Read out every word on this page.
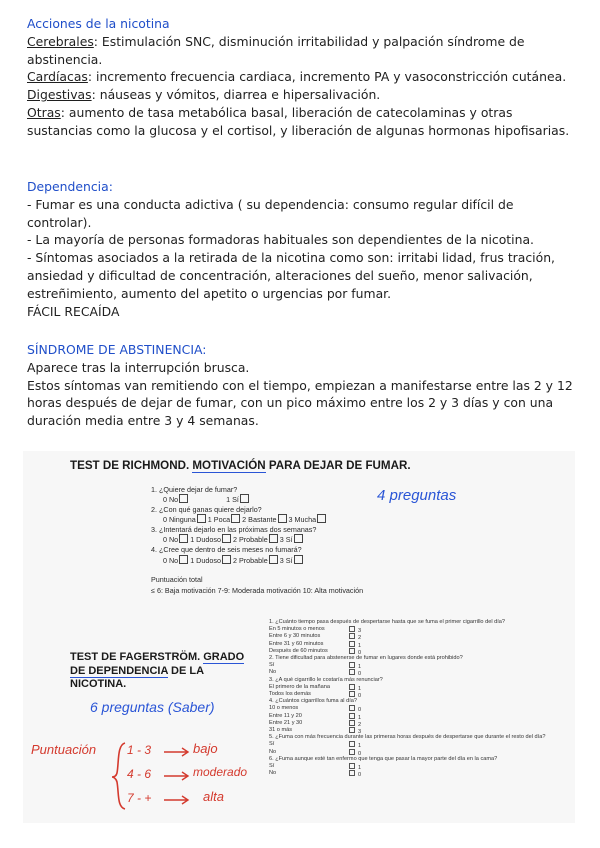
Acciones de la nicotina

Cerebrales: Estimulación SNC, disminución irritabilidad y palpación síndrome de abstinencia.

Cardíacas: incremento frecuencia cardiaca, incremento PA y vasoconstricción cutánea.

Digestivas: náuseas y vómitos, diarrea e hipersalivación.

Otras: aumento de tasa metabólica basal, liberación de catecolaminas y otras sustancias como la glucosa y el cortisol, y liberación de algunas hormonas hipofisarias.

Dependencia:

- Fumar es una conducta adictiva ( su dependencia: consumo regular difícil de controlar).

- La mayoría de personas formadoras habituales son dependientes de la nicotina.

- Síntomas asociados a la retirada de la nicotina como son: irritabi lidad, frus tración, ansiedad y dificultad de concentración, alteraciones del sueño, menor salivación, estreñimiento, aumento del apetito o urgencias por fumar.

FÁCIL RECAÍDA

SÍNDROME DE ABSTINENCIA:

Aparece tras la interrupción brusca.

Estos síntomas van remitiendo con el tiempo, empiezan a manifestarse entre las 2 y 12 horas después de dejar de fumar, con un pico máximo entre los 2 y 3 días y con una duración media entre 3 y 4 semanas.

TEST DE RICHMOND. MOTIVACIÓN PARA DEJAR DE FUMAR.
1. ¿Quiere dejar de fumar?
0 No	1 Sí
2. ¿Con qué ganas quiere dejarlo?
0 Ninguna 1 Poca 2 Bastante 3 Mucha
3. ¿Intentará dejarlo en las próximas dos semanas?
0 No 1 Dudoso 2 Probable 3 Sí
4. ¿Cree que dentro de seis meses no fumará?
0 No 1 Dudoso 2 Probable 3 Sí
Puntuación total
≤ 6: Baja motivación 7-9: Moderada motivación 10: Alta motivación
4 preguntas
TEST DE FAGERSTRÖM. GRADO DE DEPENDENCIA DE LA NICOTINA.
6 preguntas (Saber)
1. ¿Cuánto tiempo pasa después de despertarse hasta que se fuma el primer cigarrillo del día?
En 5 minutos o menos	3
Entre 6 y 30 minutos	2
Entre 31 y 60 minutos	1
Después de 60 minutos	0
2. Tiene dificultad para abstenerse de fumar en lugares donde está prohibido?
Sí	1
No	0
3. ¿A qué cigarrillo le costaría más renunciar?
El primero de la mañana	1
Todos los demás	0
4. ¿Cuántos cigarrillos fuma al día?
10 o menos	0
Entre 11 y 20	1
Entre 21 y 30	2
31 o más	3
5. ¿Fuma con más frecuencia durante las primeras horas después de despertarse que durante el resto del día?
Sí	1
No	0
6. ¿Fuma aunque esté tan enfermo que tenga que pasar la mayor parte del día en la cama?
Sí	1
No	0
Puntuación	1 - 3	bajo
4 - 6	moderado
7 - +	alta
